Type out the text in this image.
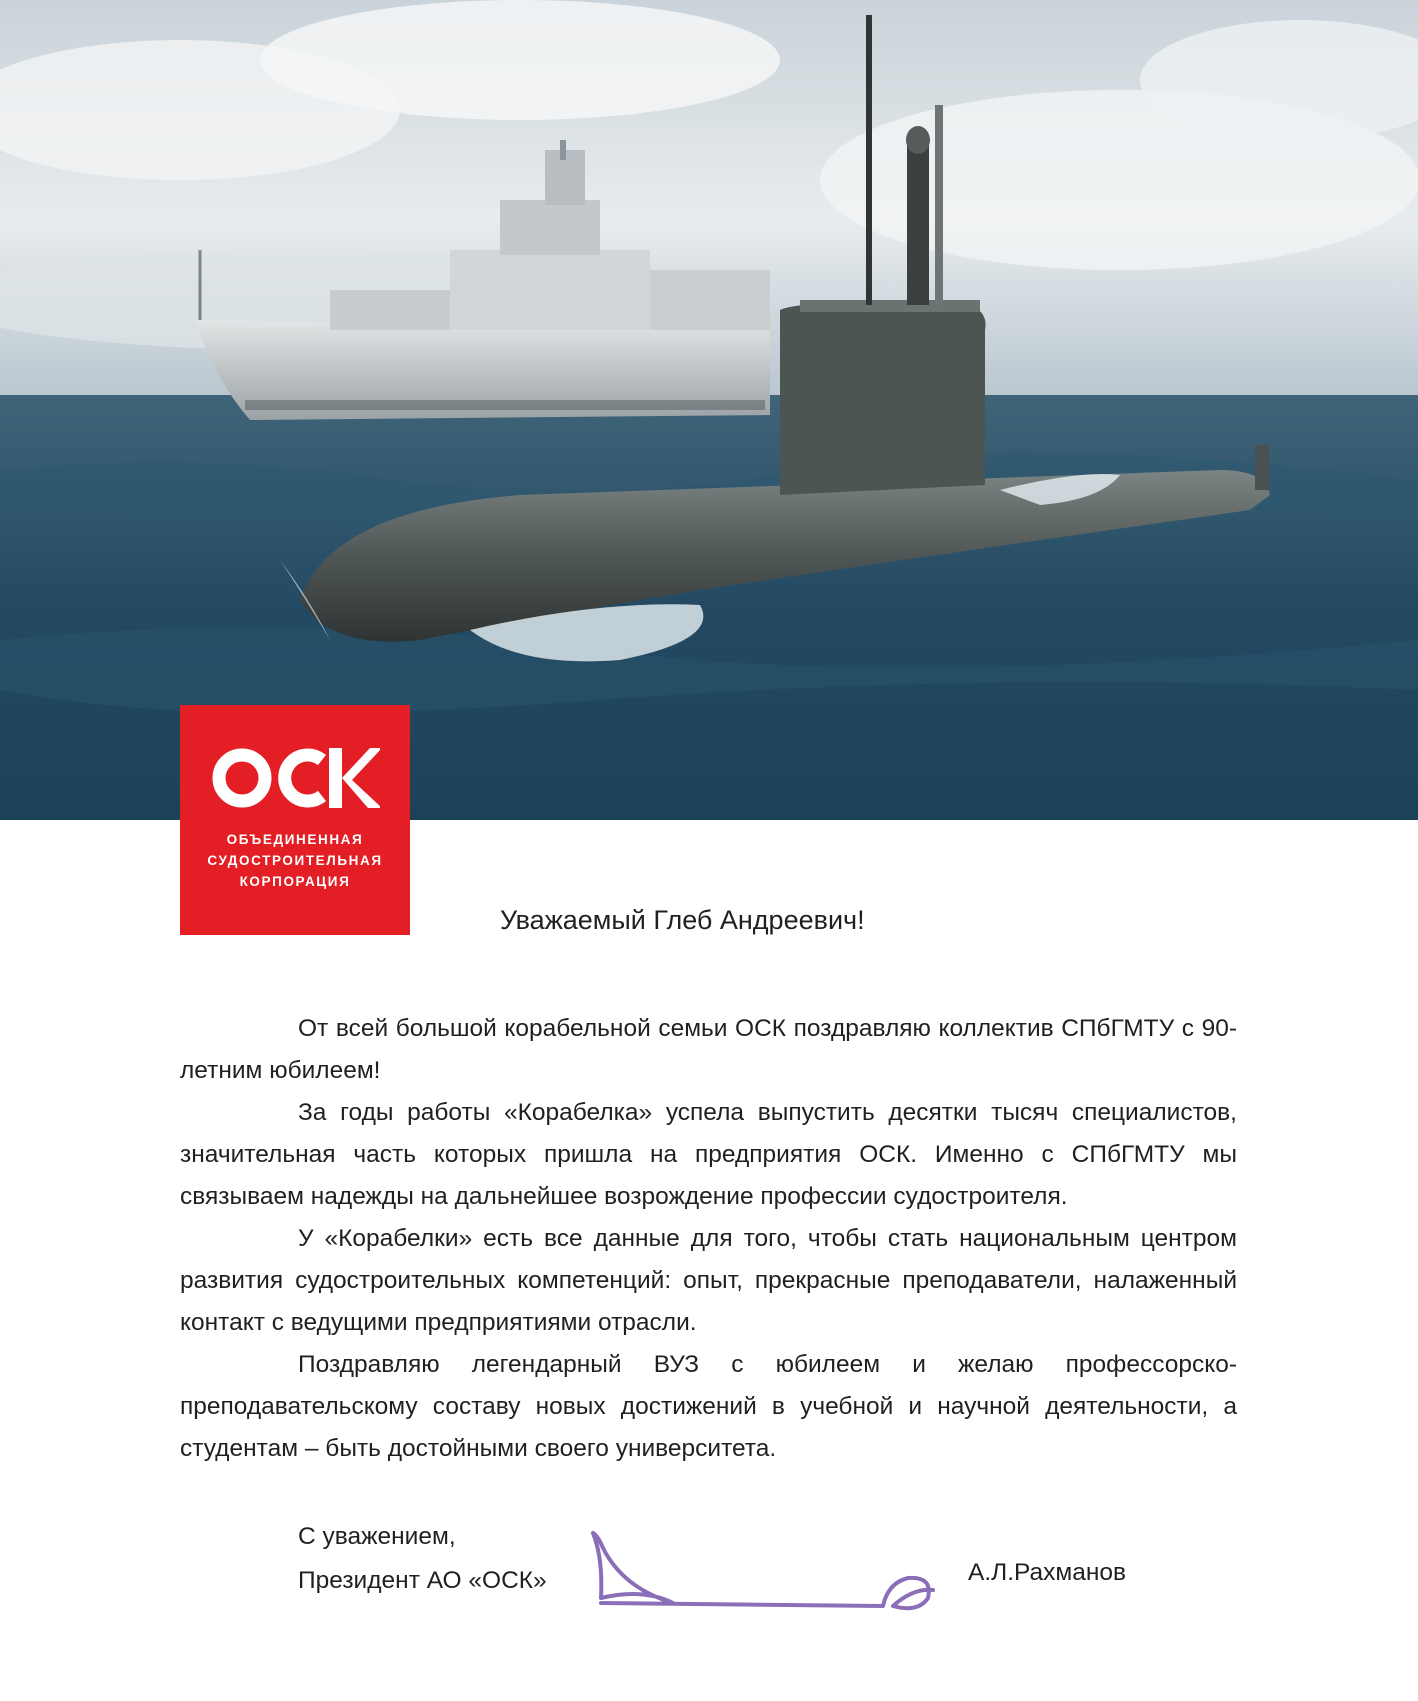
ОБЪЕДИНЕННАЯ
СУДОСТРОИТЕЛЬНАЯ
КОРПОРАЦИЯ
Уважаемый Глеб Андреевич!

От всей большой корабельной семьи ОСК поздравляю коллектив СПбГМТУ с 90-летним юбилеем!

За годы работы «Корабелка» успела выпустить десятки тысяч специалистов, значительная часть которых пришла на предприятия ОСК. Именно с СПбГМТУ мы связываем надежды на дальнейшее возрождение профессии судостроителя.

У «Корабелки» есть все данные для того, чтобы стать национальным центром развития судостроительных компетенций: опыт, прекрасные преподаватели, налаженный контакт с ведущими предприятиями отрасли.

Поздравляю легендарный ВУЗ с юбилеем и желаю профессорско-преподавательскому составу новых достижений в учебной и научной деятельности, а студентам – быть достойными своего университета.

С уважением,
Президент АО «ОСК»	А.Л.Рахманов
